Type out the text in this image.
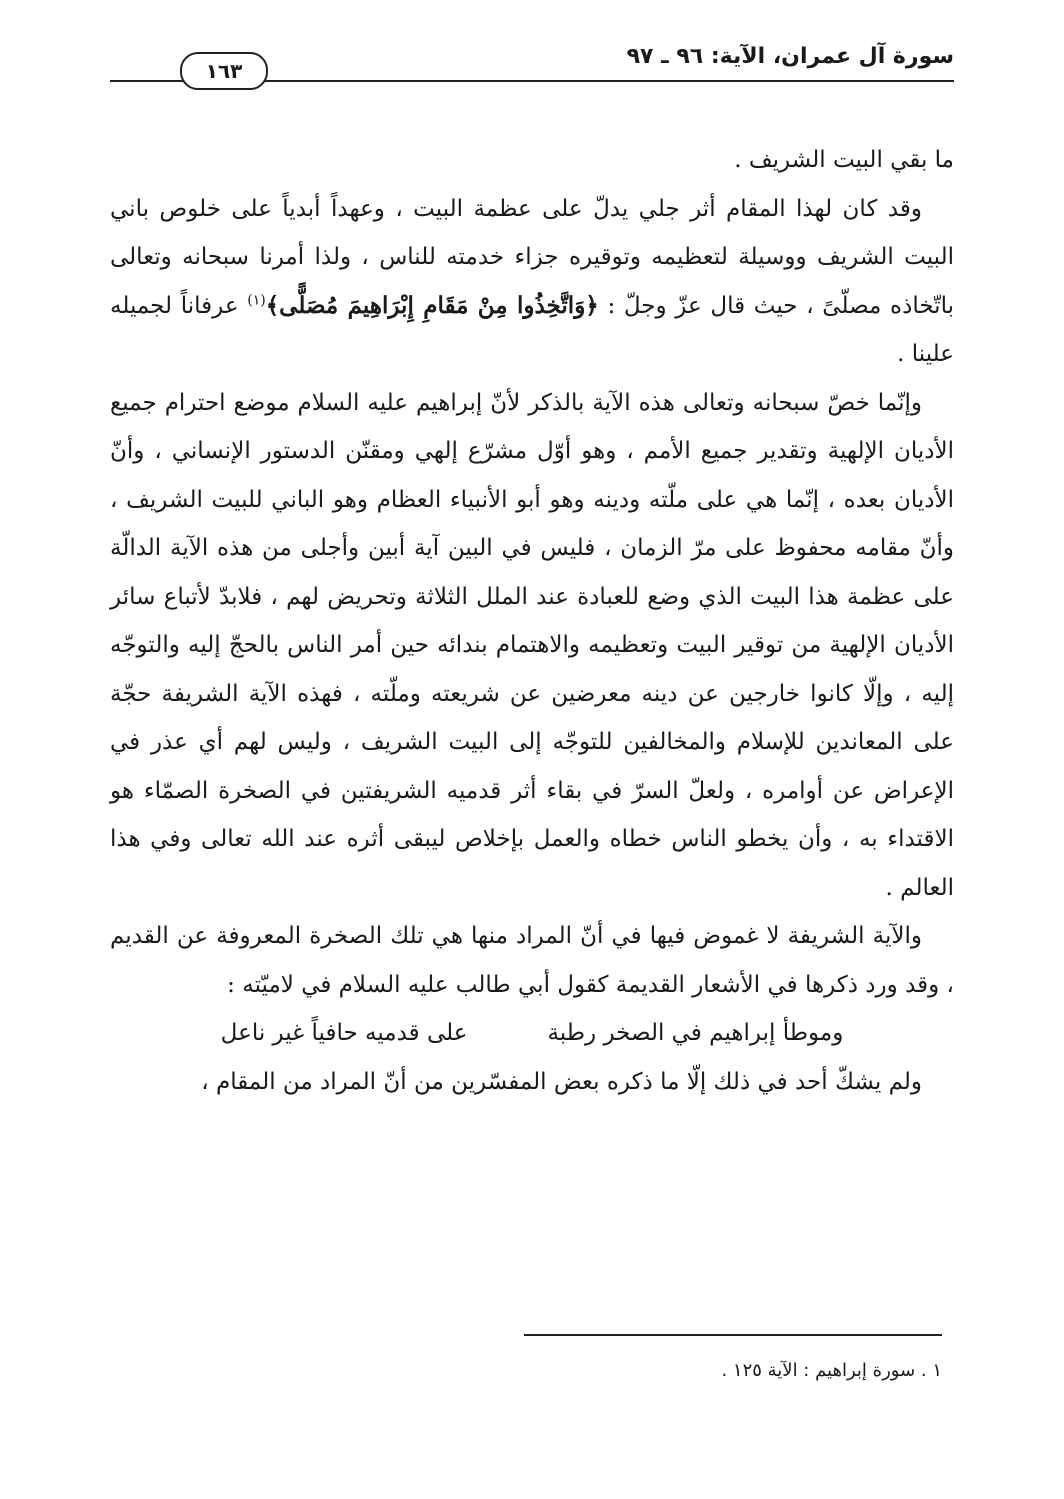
سورة آل عمران، الآية: ٩٦ ـ ٩٧
١٦٣

ما بقي البيت الشريف .

وقد كان لهذا المقام أثر جلي يدلّ على عظمة البيت ، وعهداً أبدياً على خلوص باني البيت الشريف ووسيلة لتعظيمه وتوقيره جزاء خدمته للناس ، ولذا أمرنا سبحانه وتعالى باتّخاذه مصلّىً ، حيث قال عزّ وجلّ : ﴿وَاتَّخِذُوا مِنْ مَقَامِ إِبْرَاهِيمَ مُصَلًّى﴾$^{(١)}$ عرفاناً لجميله علينا .

وإنّما خصّ سبحانه وتعالى هذه الآية بالذكر لأنّ إبراهيم عليه السلام موضع احترام جميع الأديان الإلهية وتقدير جميع الأمم ، وهو أوّل مشرّع إلهي ومقنّن الدستور الإنساني ، وأنّ الأديان بعده ، إنّما هي على ملّته ودينه وهو أبو الأنبياء العظام وهو الباني للبيت الشريف ، وأنّ مقامه محفوظ على مرّ الزمان ، فليس في البين آية أبين وأجلى من هذه الآية الدالّة على عظمة هذا البيت الذي وضع للعبادة عند الملل الثلاثة وتحريض لهم ، فلابدّ لأتباع سائر الأديان الإلهية من توقير البيت وتعظيمه والاهتمام بندائه حين أمر الناس بالحجّ إليه والتوجّه إليه ، وإلّا كانوا خارجين عن دينه معرضين عن شريعته وملّته ، فهذه الآية الشريفة حجّة على المعاندين للإسلام والمخالفين للتوجّه إلى البيت الشريف ، وليس لهم أي عذر في الإعراض عن أوامره ، ولعلّ السرّ في بقاء أثر قدميه الشريفتين في الصخرة الصمّاء هو الاقتداء به ، وأن يخطو الناس خطاه والعمل بإخلاص ليبقى أثره عند الله تعالى وفي هذا العالم .

والآية الشريفة لا غموض فيها في أنّ المراد منها هي تلك الصخرة المعروفة عن القديم ، وقد ورد ذكرها في الأشعار القديمة كقول أبي طالب عليه السلام في لاميّته :

وموطأ إبراهيم في الصخر رطبة
على قدميه حافياً غير ناعل

ولم يشكّ أحد في ذلك إلّا ما ذكره بعض المفسّرين من أنّ المراد من المقام ،

١ . سورة إبراهيم : الآية ١٢٥ .
